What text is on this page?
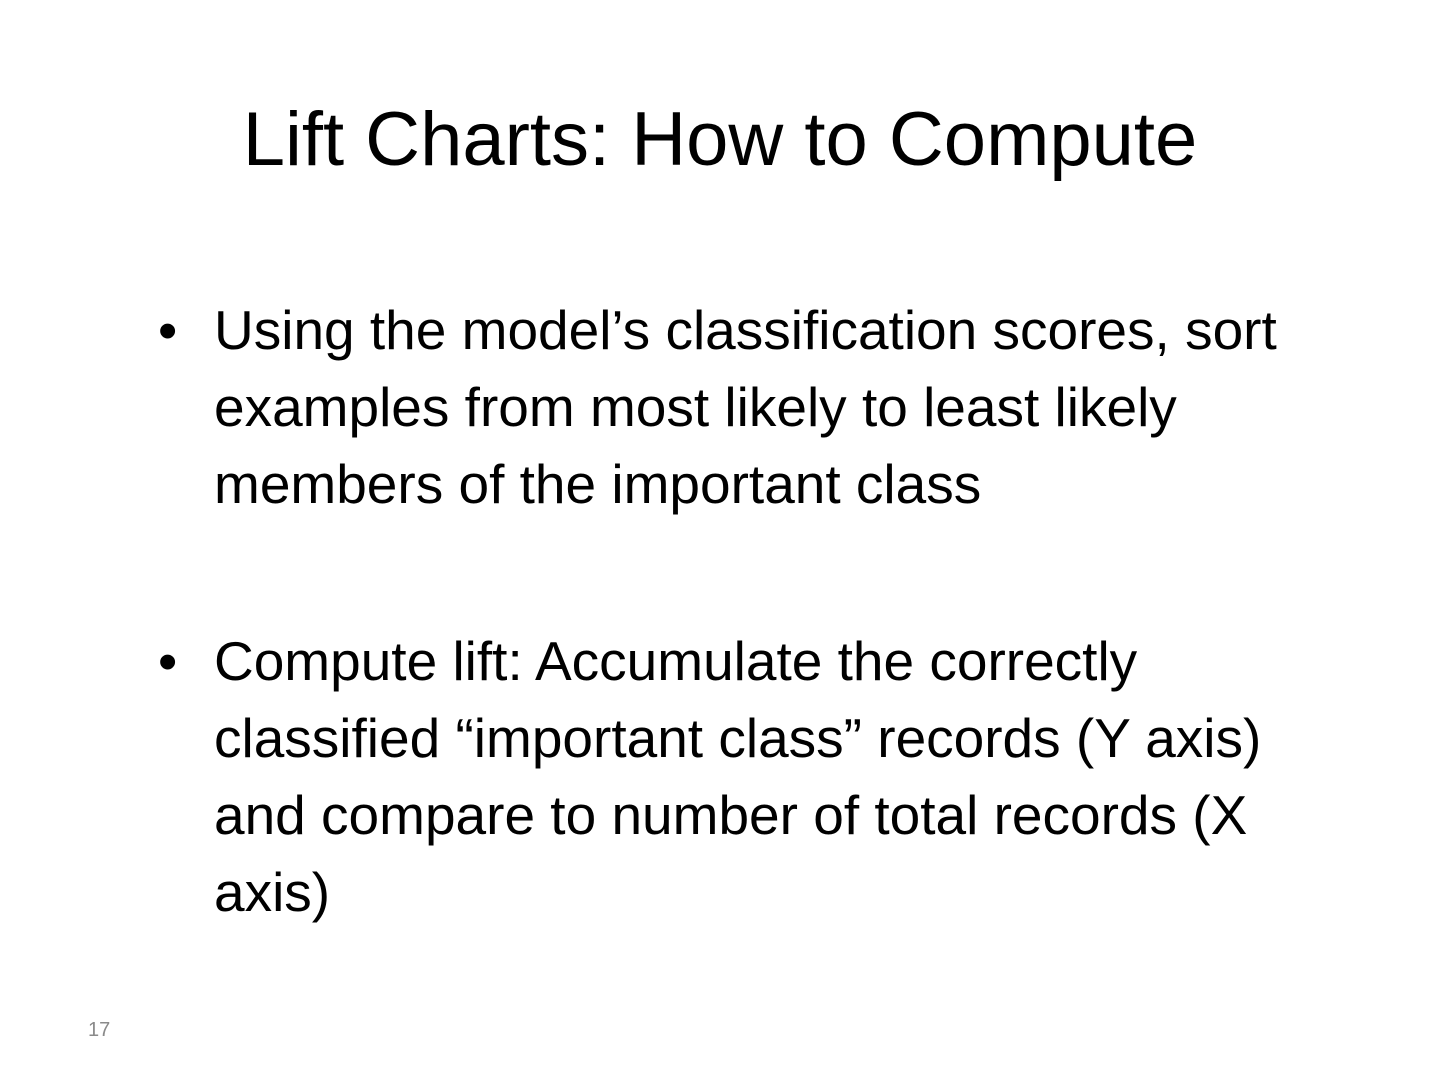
Lift Charts: How to Compute
• Using the model’s classification scores, sort examples from most likely to least likely members of the important class
• Compute lift: Accumulate the correctly classified “important class” records (Y axis) and compare to number of total records (X axis)
17
